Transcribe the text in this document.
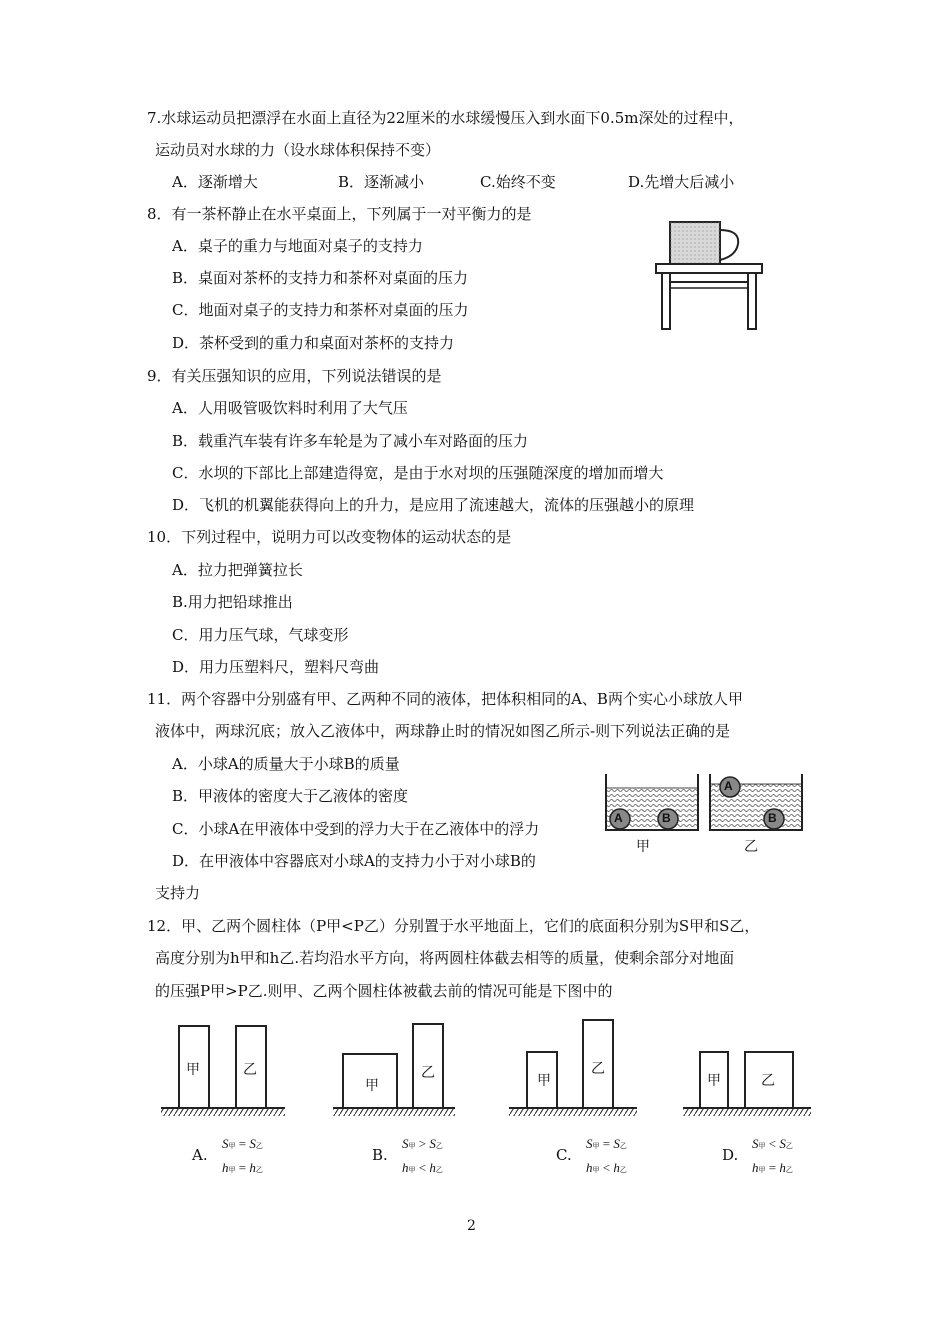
7.水球运动员把漂浮在水面上直径为22厘米的水球缓慢压入到水面下0.5m深处的过程中，
运动员对水球的力（设水球体积保持不变）
A．逐渐增大	B．逐渐减小	C.始终不变	D.先增大后减小
8．有一茶杯静止在水平桌面上，下列属于一对平衡力的是
A．桌子的重力与地面对桌子的支持力
B．桌面对茶杯的支持力和茶杯对桌面的压力
C．地面对桌子的支持力和茶杯对桌面的压力
D．茶杯受到的重力和桌面对茶杯的支持力
9．有关压强知识的应用，下列说法错误的是
A．人用吸管吸饮料时利用了大气压
B．载重汽车装有许多车轮是为了减小车对路面的压力
C．水坝的下部比上部建造得宽，是由于水对坝的压强随深度的增加而增大
D．飞机的机翼能获得向上的升力，是应用了流速越大，流体的压强越小的原理
10．下列过程中，说明力可以改变物体的运动状态的是
A．拉力把弹簧拉长
B.用力把铅球推出
C．用力压气球，气球变形
D．用力压塑料尺，塑料尺弯曲
11．两个容器中分别盛有甲、乙两种不同的液体，把体积相同的A、B两个实心小球放人甲
液体中，两球沉底；放入乙液体中，两球静止时的情况如图乙所示-则下列说法正确的是
A．小球A的质量大于小球B的质量
B．甲液体的密度大于乙液体的密度
C．小球A在甲液体中受到的浮力大于在乙液体中的浮力
D．在甲液体中容器底对小球A的支持力小于对小球B的
支持力
A	B
A
B
甲	乙
12．甲、乙两个圆柱体（P甲<P乙）分别置于水平地面上，它们的底面积分别为S甲和S乙，
高度分别为h甲和h乙.若均沿水平方向，将两圆柱体截去相等的质量，使剩余部分对地面
的压强P甲>P乙.则甲、乙两个圆柱体被截去前的情况可能是下图中的
甲	乙
甲
乙	甲
乙
甲	乙
A.
S甲 = S乙
h甲 = h乙
B.
S甲 > S乙
h甲 < h乙
C.
S甲 = S乙
h甲 < h乙
D.
S甲 < S乙
h甲 = h乙
2
